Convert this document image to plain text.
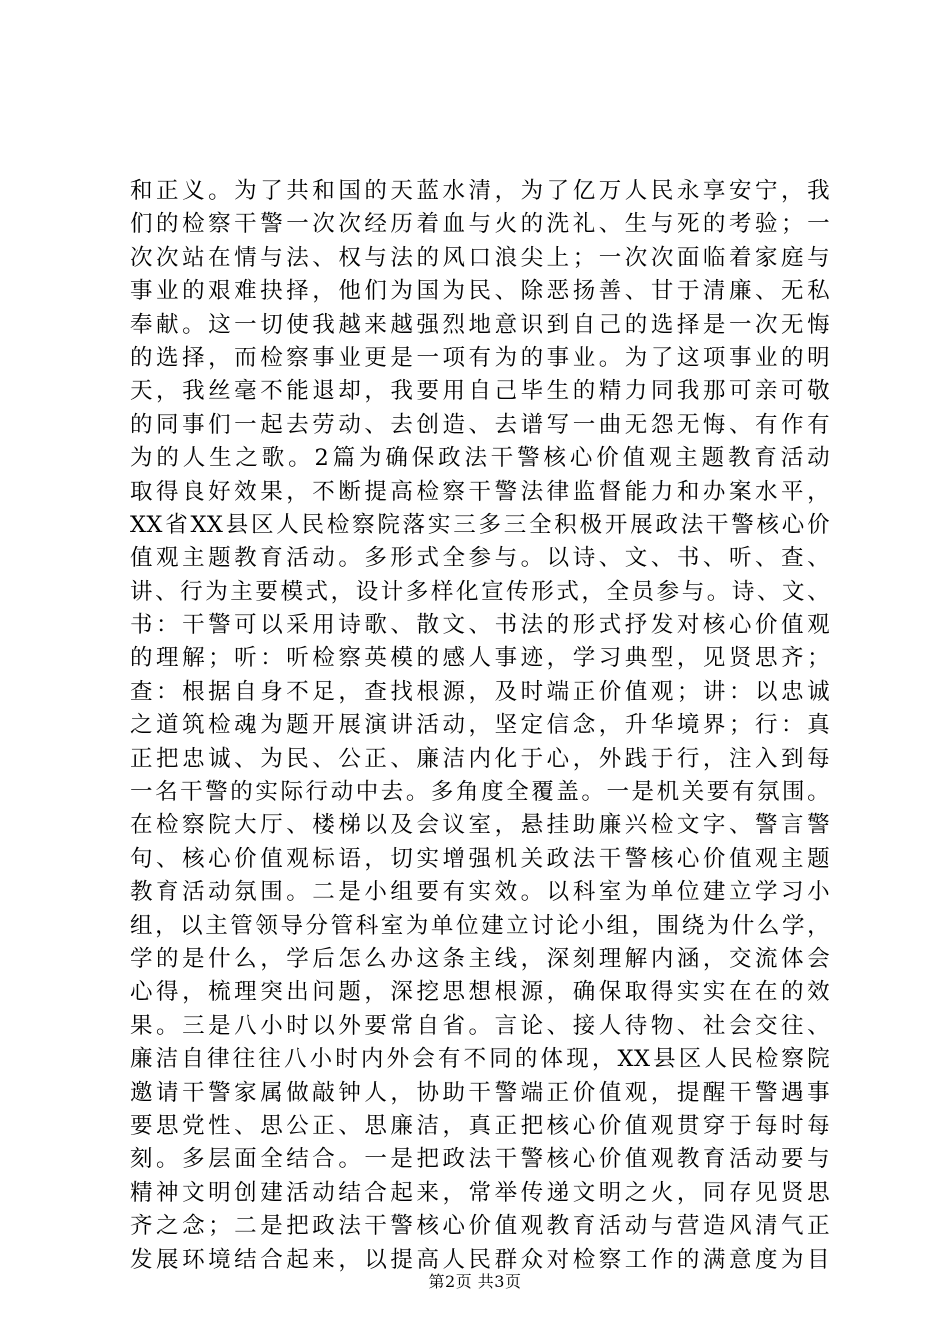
和正义。为了共和国的天蓝水清，为了亿万人民永享安宁，我
们的检察干警一次次经历着血与火的洗礼、生与死的考验；一
次次站在情与法、权与法的风口浪尖上；一次次面临着家庭与
事业的艰难抉择，他们为国为民、除恶扬善、甘于清廉、无私
奉献。这一切使我越来越强烈地意识到自己的选择是一次无悔
的选择，而检察事业更是一项有为的事业。为了这项事业的明
天，我丝毫不能退却，我要用自己毕生的精力同我那可亲可敬
的同事们一起去劳动、去创造、去谱写一曲无怨无悔、有作有
为的人生之歌。2篇为确保政法干警核心价值观主题教育活动
取得良好效果，不断提高检察干警法律监督能力和办案水平，
XX省XX县区人民检察院落实三多三全积极开展政法干警核心价
值观主题教育活动。多形式全参与。以诗、文、书、听、查、
讲、行为主要模式，设计多样化宣传形式，全员参与。诗、文、
书：干警可以采用诗歌、散文、书法的形式抒发对核心价值观
的理解；听：听检察英模的感人事迹，学习典型，见贤思齐；
查：根据自身不足，查找根源，及时端正价值观；讲：以忠诚
之道筑检魂为题开展演讲活动，坚定信念，升华境界；行：真
正把忠诚、为民、公正、廉洁内化于心，外践于行，注入到每
一名干警的实际行动中去。多角度全覆盖。一是机关要有氛围。
在检察院大厅、楼梯以及会议室，悬挂助廉兴检文字、警言警
句、核心价值观标语，切实增强机关政法干警核心价值观主题
教育活动氛围。二是小组要有实效。以科室为单位建立学习小
组，以主管领导分管科室为单位建立讨论小组，围绕为什么学，
学的是什么，学后怎么办这条主线，深刻理解内涵，交流体会
心得，梳理突出问题，深挖思想根源，确保取得实实在在的效
果。三是八小时以外要常自省。言论、接人待物、社会交往、
廉洁自律往往八小时内外会有不同的体现，XX县区人民检察院
邀请干警家属做敲钟人，协助干警端正价值观，提醒干警遇事
要思党性、思公正、思廉洁，真正把核心价值观贯穿于每时每
刻。多层面全结合。一是把政法干警核心价值观教育活动要与
精神文明创建活动结合起来，常举传递文明之火，同存见贤思
齐之念；二是把政法干警核心价值观教育活动与营造风清气正
发展环境结合起来，以提高人民群众对检察工作的满意度为目
第2页 共3页
